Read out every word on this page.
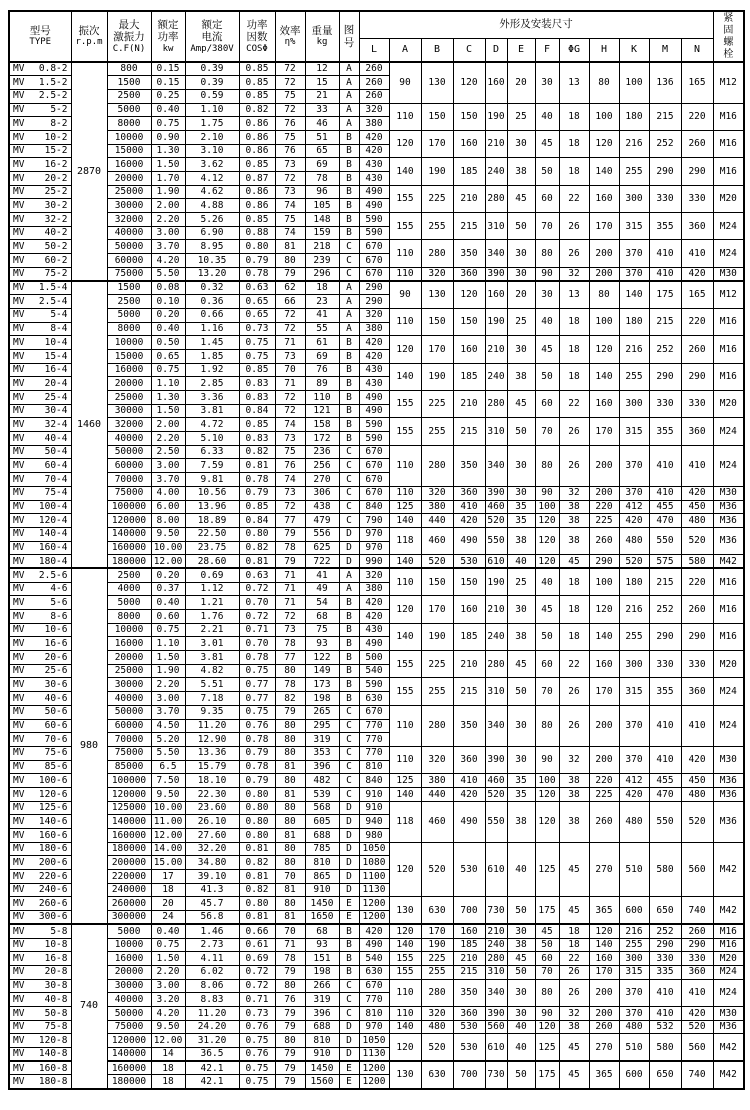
型号
TYPE	振次
r.p.m	最大
激振力
C.F(N)	额定
功率
kw	额定
电流
Amp/380V	功率
因数
COSΦ	效率
η%	重量
kg	图
号	外形及安装尺寸												紧
固
螺
栓

									L	A	B	C	D	E	F	ΦG	H	K	M	N	

MV 0.8-2	2870	800	0.15	0.39	0.85	72	12	A	260	90	130	120	160	20	30	13	80	100	136	165	M12

MV 1.5-2		1500	0.15	0.39	0.85	72	15	A	260												

MV 2.5-2		2500	0.25	0.59	0.85	75	21	A	260												

MV 5-2		5000	0.40	1.10	0.82	72	33	A	320	110	150	150	190	25	40	18	100	180	215	220	M16

MV 8-2		8000	0.75	1.75	0.86	76	46	A	380												

MV 10-2		10000	0.90	2.10	0.86	75	51	B	420	120	170	160	210	30	45	18	120	216	252	260	M16

MV 15-2		15000	1.30	3.10	0.86	76	65	B	420												

MV 16-2		16000	1.50	3.62	0.85	73	69	B	430	140	190	185	240	38	50	18	140	255	290	290	M16

MV 20-2		20000	1.70	4.12	0.87	72	78	B	430												

MV 25-2		25000	1.90	4.62	0.86	73	96	B	490	155	225	210	280	45	60	22	160	300	330	330	M20

MV 30-2		30000	2.00	4.88	0.86	74	105	B	490												

MV 32-2		32000	2.20	5.26	0.85	75	148	B	590	155	255	215	310	50	70	26	170	315	355	360	M24

MV 40-2		40000	3.00	6.90	0.88	74	159	B	590												

MV 50-2		50000	3.70	8.95	0.80	81	218	C	670	110	280	350	340	30	80	26	200	370	410	410	M24

MV 60-2		60000	4.20	10.35	0.79	80	239	C	670												

MV 75-2		75000	5.50	13.20	0.78	79	296	C	670	110	320	360	390	30	90	32	200	370	410	420	M30

MV 1.5-4	1460	1500	0.08	0.32	0.63	62	18	A	290	90	130	120	160	20	30	13	80	140	175	165	M12

MV 2.5-4		2500	0.10	0.36	0.65	66	23	A	290												

MV 5-4		5000	0.20	0.66	0.65	72	41	A	320	110	150	150	190	25	40	18	100	180	215	220	M16

MV 8-4		8000	0.40	1.16	0.73	72	55	A	380												

MV 10-4		10000	0.50	1.45	0.75	71	61	B	420	120	170	160	210	30	45	18	120	216	252	260	M16

MV 15-4		15000	0.65	1.85	0.75	73	69	B	420												

MV 16-4		16000	0.75	1.92	0.85	70	76	B	430	140	190	185	240	38	50	18	140	255	290	290	M16

MV 20-4		20000	1.10	2.85	0.83	71	89	B	430												

MV 25-4		25000	1.30	3.36	0.83	72	110	B	490	155	225	210	280	45	60	22	160	300	330	330	M20

MV 30-4		30000	1.50	3.81	0.84	72	121	B	490												

MV 32-4		32000	2.00	4.72	0.85	74	158	B	590	155	255	215	310	50	70	26	170	315	355	360	M24

MV 40-4		40000	2.20	5.10	0.83	73	172	B	590												

MV 50-4		50000	2.50	6.33	0.82	75	236	C	670	110	280	350	340	30	80	26	200	370	410	410	M24

MV 60-4		60000	3.00	7.59	0.81	76	256	C	670												

MV 70-4		70000	3.70	9.81	0.78	74	270	C	670												

MV 75-4		75000	4.00	10.56	0.79	73	306	C	670	110	320	360	390	30	90	32	200	370	410	420	M30

MV 100-4		100000	6.00	13.96	0.85	72	438	C	840	125	380	410	460	35	100	38	220	412	455	450	M36

MV 120-4		120000	8.00	18.89	0.84	77	479	C	790	140	440	420	520	35	120	38	225	420	470	480	M36

MV 140-4		140000	9.50	22.50	0.80	79	556	D	970	118	460	490	550	38	120	38	260	480	550	520	M36

MV 160-4		160000	10.00	23.75	0.82	78	625	D	970												

MV 180-4		180000	12.00	28.60	0.81	79	722	D	990	140	520	530	610	40	120	45	290	520	575	580	M42

MV 2.5-6	980	2500	0.20	0.69	0.63	71	41	A	320	110	150	150	190	25	40	18	100	180	215	220	M16

MV 4-6		4000	0.37	1.12	0.72	71	49	A	380												

MV 5-6		5000	0.40	1.21	0.70	71	54	B	420	120	170	160	210	30	45	18	120	216	252	260	M16

MV 8-6		8000	0.60	1.76	0.72	72	68	B	420												

MV 10-6		10000	0.75	2.21	0.71	73	75	B	430	140	190	185	240	38	50	18	140	255	290	290	M16

MV 16-6		16000	1.10	3.01	0.70	78	93	B	490												

MV 20-6		20000	1.50	3.81	0.78	77	122	B	500	155	225	210	280	45	60	22	160	300	330	330	M20

MV 25-6		25000	1.90	4.82	0.75	80	149	B	540												

MV 30-6		30000	2.20	5.51	0.77	78	173	B	590	155	255	215	310	50	70	26	170	315	355	360	M24

MV 40-6		40000	3.00	7.18	0.77	82	198	B	630												

MV 50-6		50000	3.70	9.35	0.75	79	265	C	670	110	280	350	340	30	80	26	200	370	410	410	M24

MV 60-6		60000	4.50	11.20	0.76	80	295	C	770												

MV 70-6		70000	5.20	12.90	0.78	80	319	C	770												

MV 75-6		75000	5.50	13.36	0.79	80	353	C	770	110	320	360	390	30	90	32	200	370	410	420	M30

MV 85-6		85000	6.5	15.79	0.78	81	396	C	810												

MV 100-6		100000	7.50	18.10	0.79	80	482	C	840	125	380	410	460	35	100	38	220	412	455	450	M36

MV 120-6		120000	9.50	22.30	0.80	81	539	C	910	140	440	420	520	35	120	38	225	420	470	480	M36

MV 125-6		125000	10.00	23.60	0.80	80	568	D	910	118	460	490	550	38	120	38	260	480	550	520	M36

MV 140-6		140000	11.00	26.10	0.80	80	605	D	940												

MV 160-6		160000	12.00	27.60	0.80	81	688	D	980												

MV 180-6		180000	14.00	32.20	0.81	80	785	D	1050	120	520	530	610	40	125	45	270	510	580	560	M42

MV 200-6		200000	15.00	34.80	0.82	80	810	D	1080												

MV 220-6		220000	17	39.10	0.81	70	865	D	1100												

MV 240-6		240000	18	41.3	0.82	81	910	D	1130												

MV 260-6		260000	20	45.7	0.80	80	1450	E	1200	130	630	700	730	50	175	45	365	600	650	740	M42

MV 300-6		300000	24	56.8	0.81	81	1650	E	1200												

MV 5-8	740	5000	0.40	1.46	0.66	70	68	B	420	120	170	160	210	30	45	18	120	216	252	260	M16

MV 10-8		10000	0.75	2.73	0.61	71	93	B	490	140	190	185	240	38	50	18	140	255	290	290	M16

MV 16-8		16000	1.50	4.11	0.69	78	151	B	540	155	225	210	280	45	60	22	160	300	330	330	M20

MV 20-8		20000	2.20	6.02	0.72	79	198	B	630	155	255	215	310	50	70	26	170	315	335	360	M24

MV 30-8		30000	3.00	8.06	0.72	80	266	C	670	110	280	350	340	30	80	26	200	370	410	410	M24

MV 40-8		40000	3.20	8.83	0.71	76	319	C	770												

MV 50-8		50000	4.20	11.20	0.73	79	396	C	810	110	320	360	390	30	90	32	200	370	410	420	M30

MV 75-8		75000	9.50	24.20	0.76	79	688	D	970	140	480	530	560	40	120	38	260	480	532	520	M36

MV 120-8		120000	12.00	31.20	0.75	80	810	D	1050	120	520	530	610	40	125	45	270	510	580	560	M42

MV 140-8		140000	14	36.5	0.76	79	910	D	1130												

MV 160-8		160000	18	42.1	0.75	79	1450	E	1200	130	630	700	730	50	175	45	365	600	650	740	M42

MV 180-8		180000	18	42.1	0.75	79	1560	E	1200												
